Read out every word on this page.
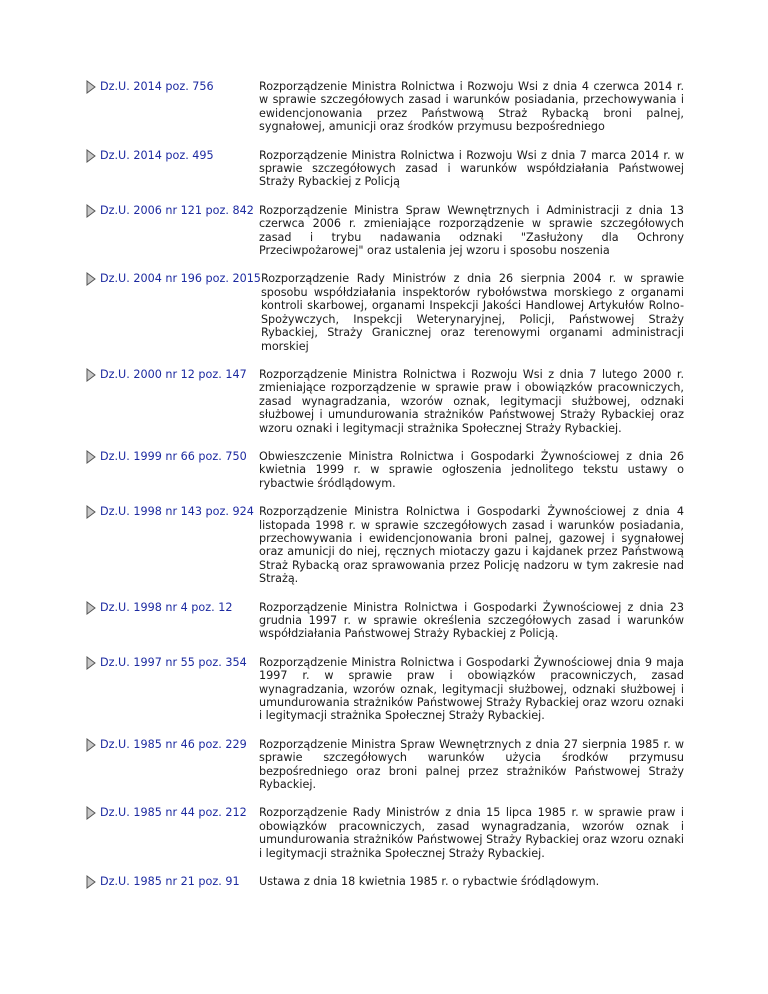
Dz.U. 2014 poz. 756	Rozporządzenie Ministra Rolnictwa i Rozwoju Wsi z dnia 4 czerwca 2014 r. w sprawie szczegółowych zasad i warunków posiadania, przechowywania i ewidencjonowania przez Państwową Straż Rybacką broni palnej, sygnałowej, amunicji oraz środków przymusu bezpośredniego
Dz.U. 2014 poz. 495	Rozporządzenie Ministra Rolnictwa i Rozwoju Wsi z dnia 7 marca 2014 r. w sprawie szczegółowych zasad i warunków współdziałania Państwowej Straży Rybackiej z Policją
Dz.U. 2006 nr 121 poz. 842 Rozporządzenie Ministra Spraw Wewnętrznych i Administracji z dnia 13 czerwca 2006 r. zmieniające rozporządzenie w sprawie szczegółowych zasad i trybu nadawania odznaki "Zasłużony dla Ochrony Przeciwpożarowej" oraz ustalenia jej wzoru i sposobu noszenia
Dz.U. 2004 nr 196 poz. 2015 Rozporządzenie Rady Ministrów z dnia 26 sierpnia 2004 r. w sprawie sposobu współdziałania inspektorów rybołówstwa morskiego z organami kontroli skarbowej, organami Inspekcji Jakości Handlowej Artykułów Rolno-Spożywczych, Inspekcji Weterynaryjnej, Policji, Państwowej Straży Rybackiej, Straży Granicznej oraz terenowymi organami administracji morskiej
Dz.U. 2000 nr 12 poz. 147 Rozporządzenie Ministra Rolnictwa i Rozwoju Wsi z dnia 7 lutego 2000 r. zmieniające rozporządzenie w sprawie praw i obowiązków pracowniczych, zasad wynagradzania, wzorów oznak, legitymacji służbowej, odznaki służbowej i umundurowania strażników Państwowej Straży Rybackiej oraz wzoru oznaki i legitymacji strażnika Społecznej Straży Rybackiej.
Dz.U. 1999 nr 66 poz. 750 Obwieszczenie Ministra Rolnictwa i Gospodarki Żywnościowej z dnia 26 kwietnia 1999 r. w sprawie ogłoszenia jednolitego tekstu ustawy o rybactwie śródlądowym.
Dz.U. 1998 nr 143 poz. 924 Rozporządzenie Ministra Rolnictwa i Gospodarki Żywnościowej z dnia 4 listopada 1998 r. w sprawie szczegółowych zasad i warunków posiadania, przechowywania i ewidencjonowania broni palnej, gazowej i sygnałowej oraz amunicji do niej, ręcznych miotaczy gazu i kajdanek przez Państwową Straż Rybacką oraz sprawowania przez Policję nadzoru w tym zakresie nad Strażą.
Dz.U. 1998 nr 4 poz. 12 Rozporządzenie Ministra Rolnictwa i Gospodarki Żywnościowej z dnia 23 grudnia 1997 r. w sprawie określenia szczegółowych zasad i warunków współdziałania Państwowej Straży Rybackiej z Policją.
Dz.U. 1997 nr 55 poz. 354 Rozporządzenie Ministra Rolnictwa i Gospodarki Żywnościowej dnia 9 maja 1997 r. w sprawie praw i obowiązków pracowniczych, zasad wynagradzania, wzorów oznak, legitymacji służbowej, odznaki służbowej i umundurowania strażników Państwowej Straży Rybackiej oraz wzoru oznaki i legitymacji strażnika Społecznej Straży Rybackiej.
Dz.U. 1985 nr 46 poz. 229 Rozporządzenie Ministra Spraw Wewnętrznych z dnia 27 sierpnia 1985 r. w sprawie szczegółowych warunków użycia środków przymusu bezpośredniego oraz broni palnej przez strażników Państwowej Straży Rybackiej.
Dz.U. 1985 nr 44 poz. 212 Rozporządzenie Rady Ministrów z dnia 15 lipca 1985 r. w sprawie praw i obowiązków pracowniczych, zasad wynagradzania, wzorów oznak i umundurowania strażników Państwowej Straży Rybackiej oraz wzoru oznaki i legitymacji strażnika Społecznej Straży Rybackiej.
Dz.U. 1985 nr 21 poz. 91 Ustawa z dnia 18 kwietnia 1985 r. o rybactwie śródlądowym.
